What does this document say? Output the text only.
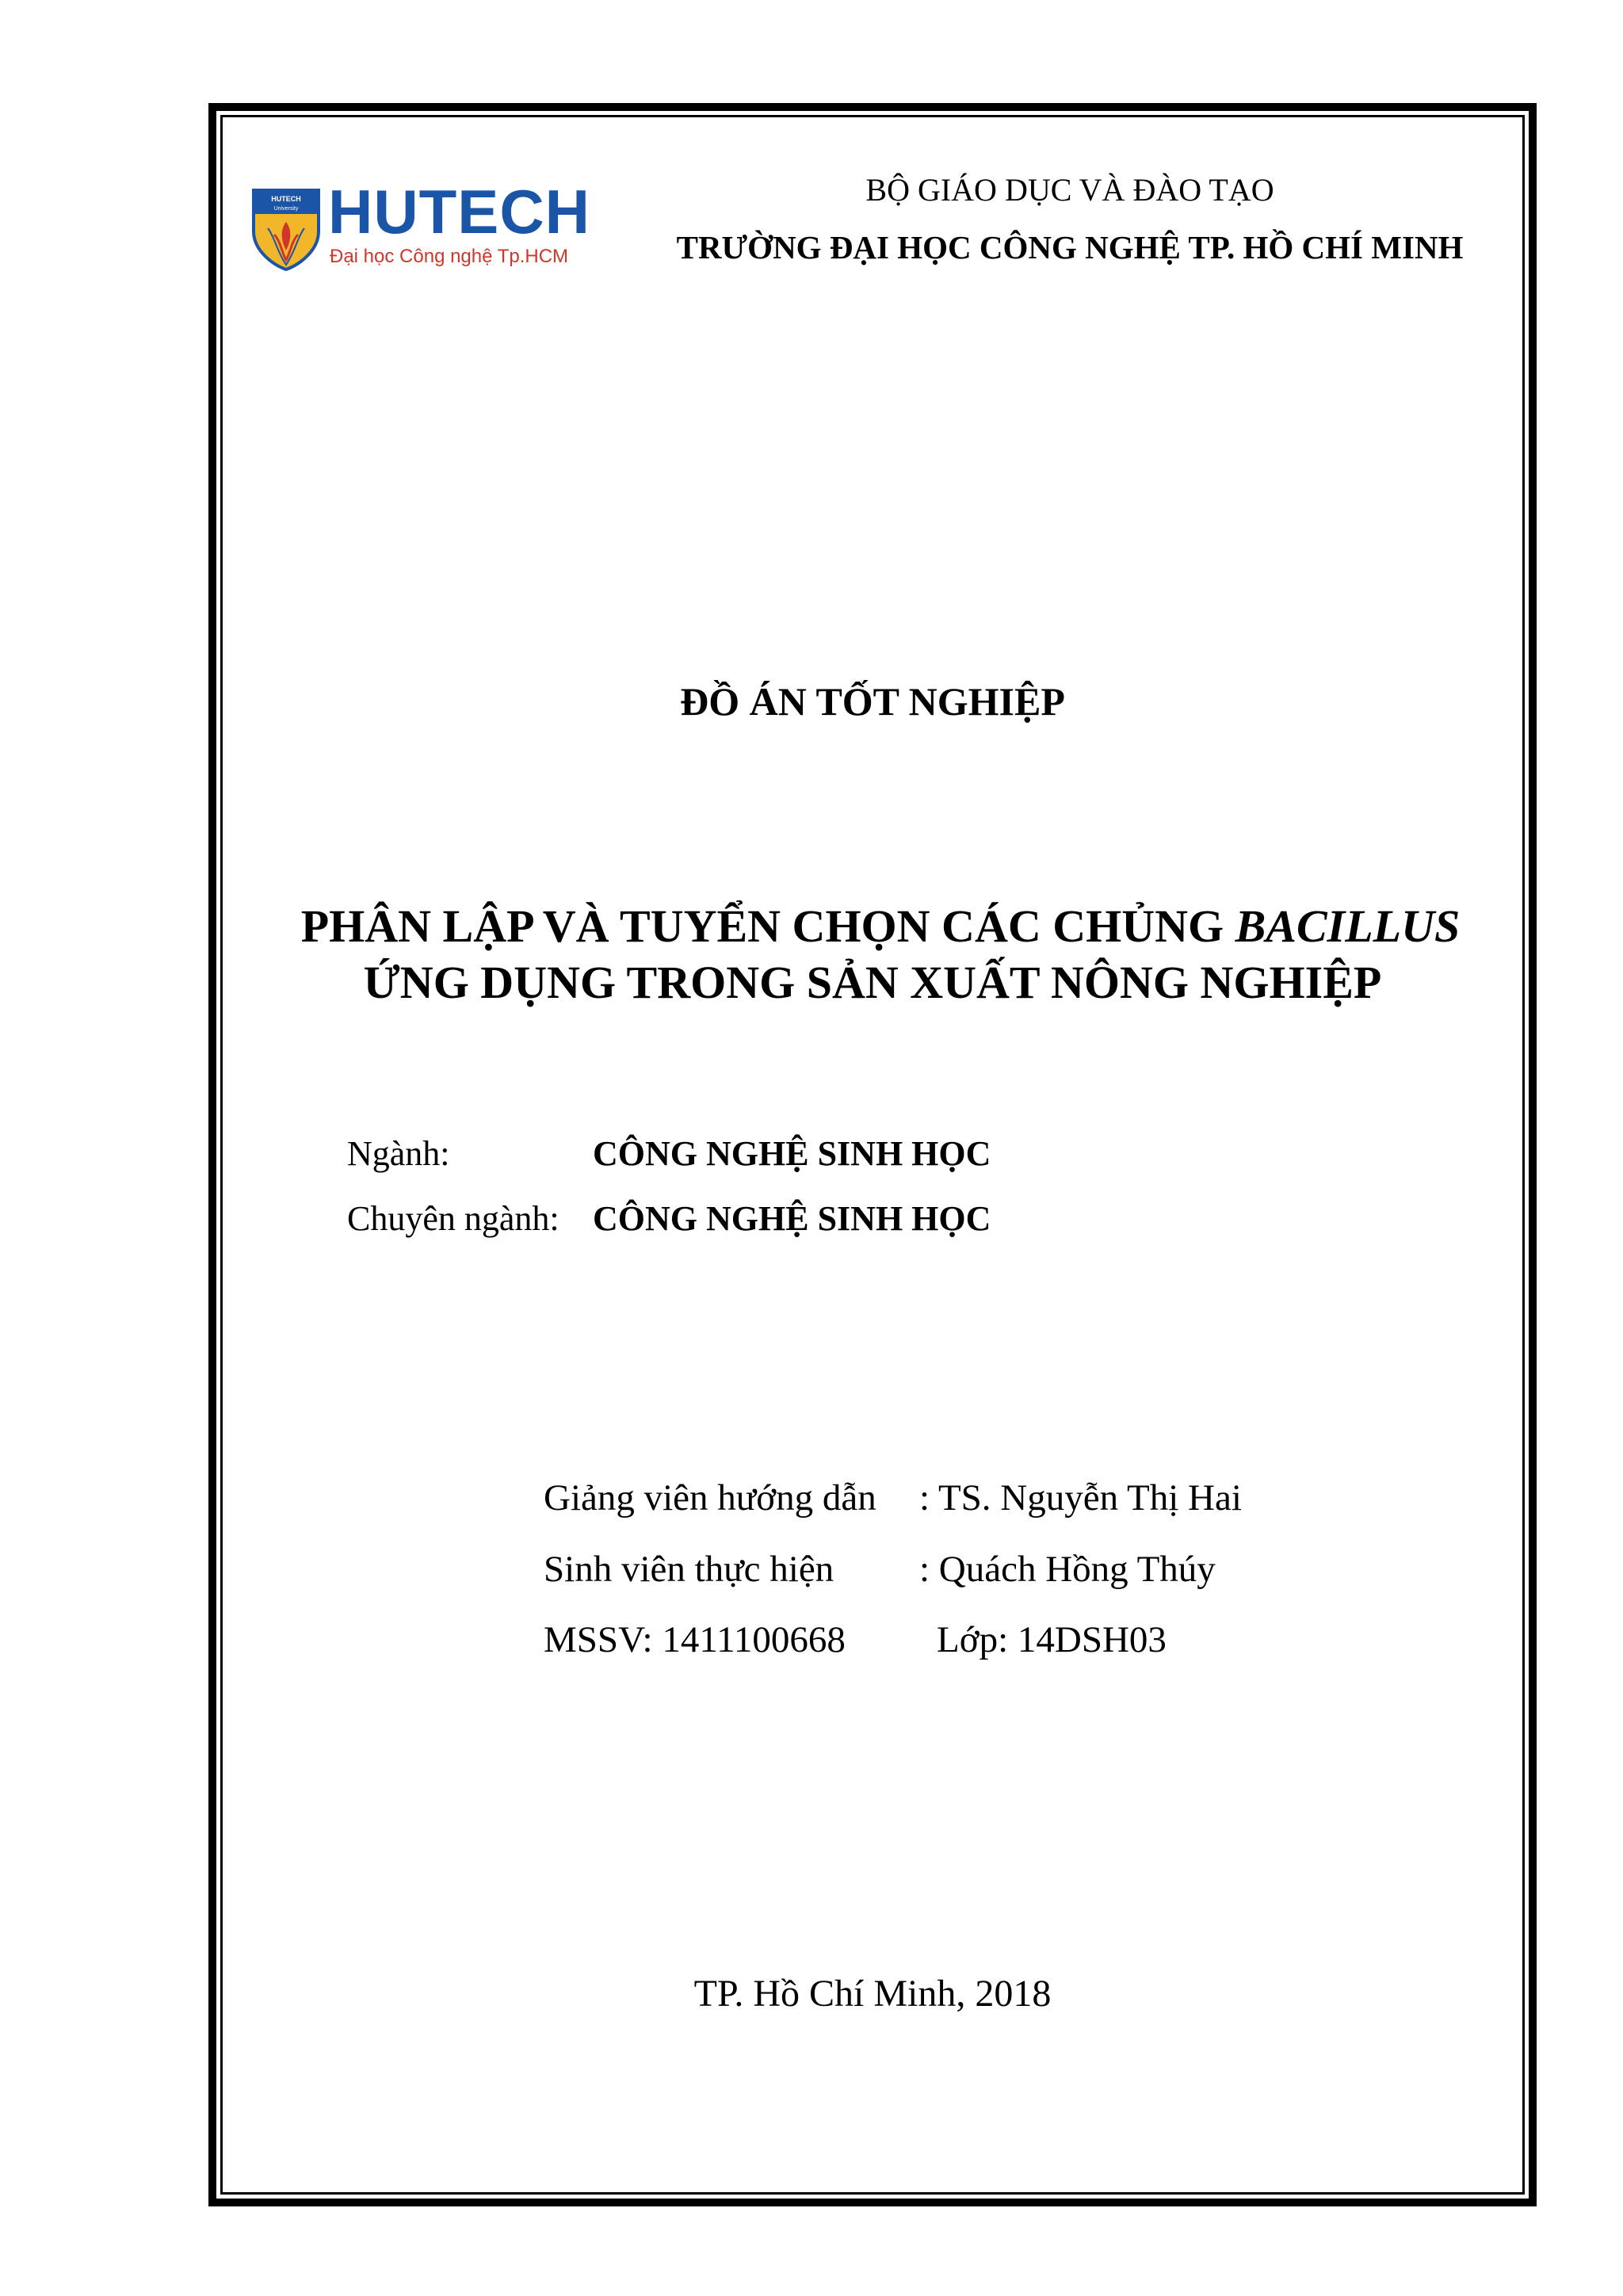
HUTECH
University HUTECH
Đại học Công nghệ Tp.HCM
BỘ GIÁO DỤC VÀ ĐÀO TẠO
TRƯỜNG ĐẠI HỌC CÔNG NGHỆ TP. HỒ CHÍ MINH
ĐỒ ÁN TỐT NGHIỆP
PHÂN LẬP VÀ TUYỂN CHỌN CÁC CHỦNG BACILLUS
ỨNG DỤNG TRONG SẢN XUẤT NÔNG NGHIỆP
Ngành:	CÔNG NGHỆ SINH HỌC
Chuyên ngành: CÔNG NGHỆ SINH HỌC
Giảng viên hướng dẫn : TS. Nguyễn Thị Hai
Sinh viên thực hiện : Quách Hồng Thúy
MSSV: 1411100668 Lớp: 14DSH03
TP. Hồ Chí Minh, 2018
